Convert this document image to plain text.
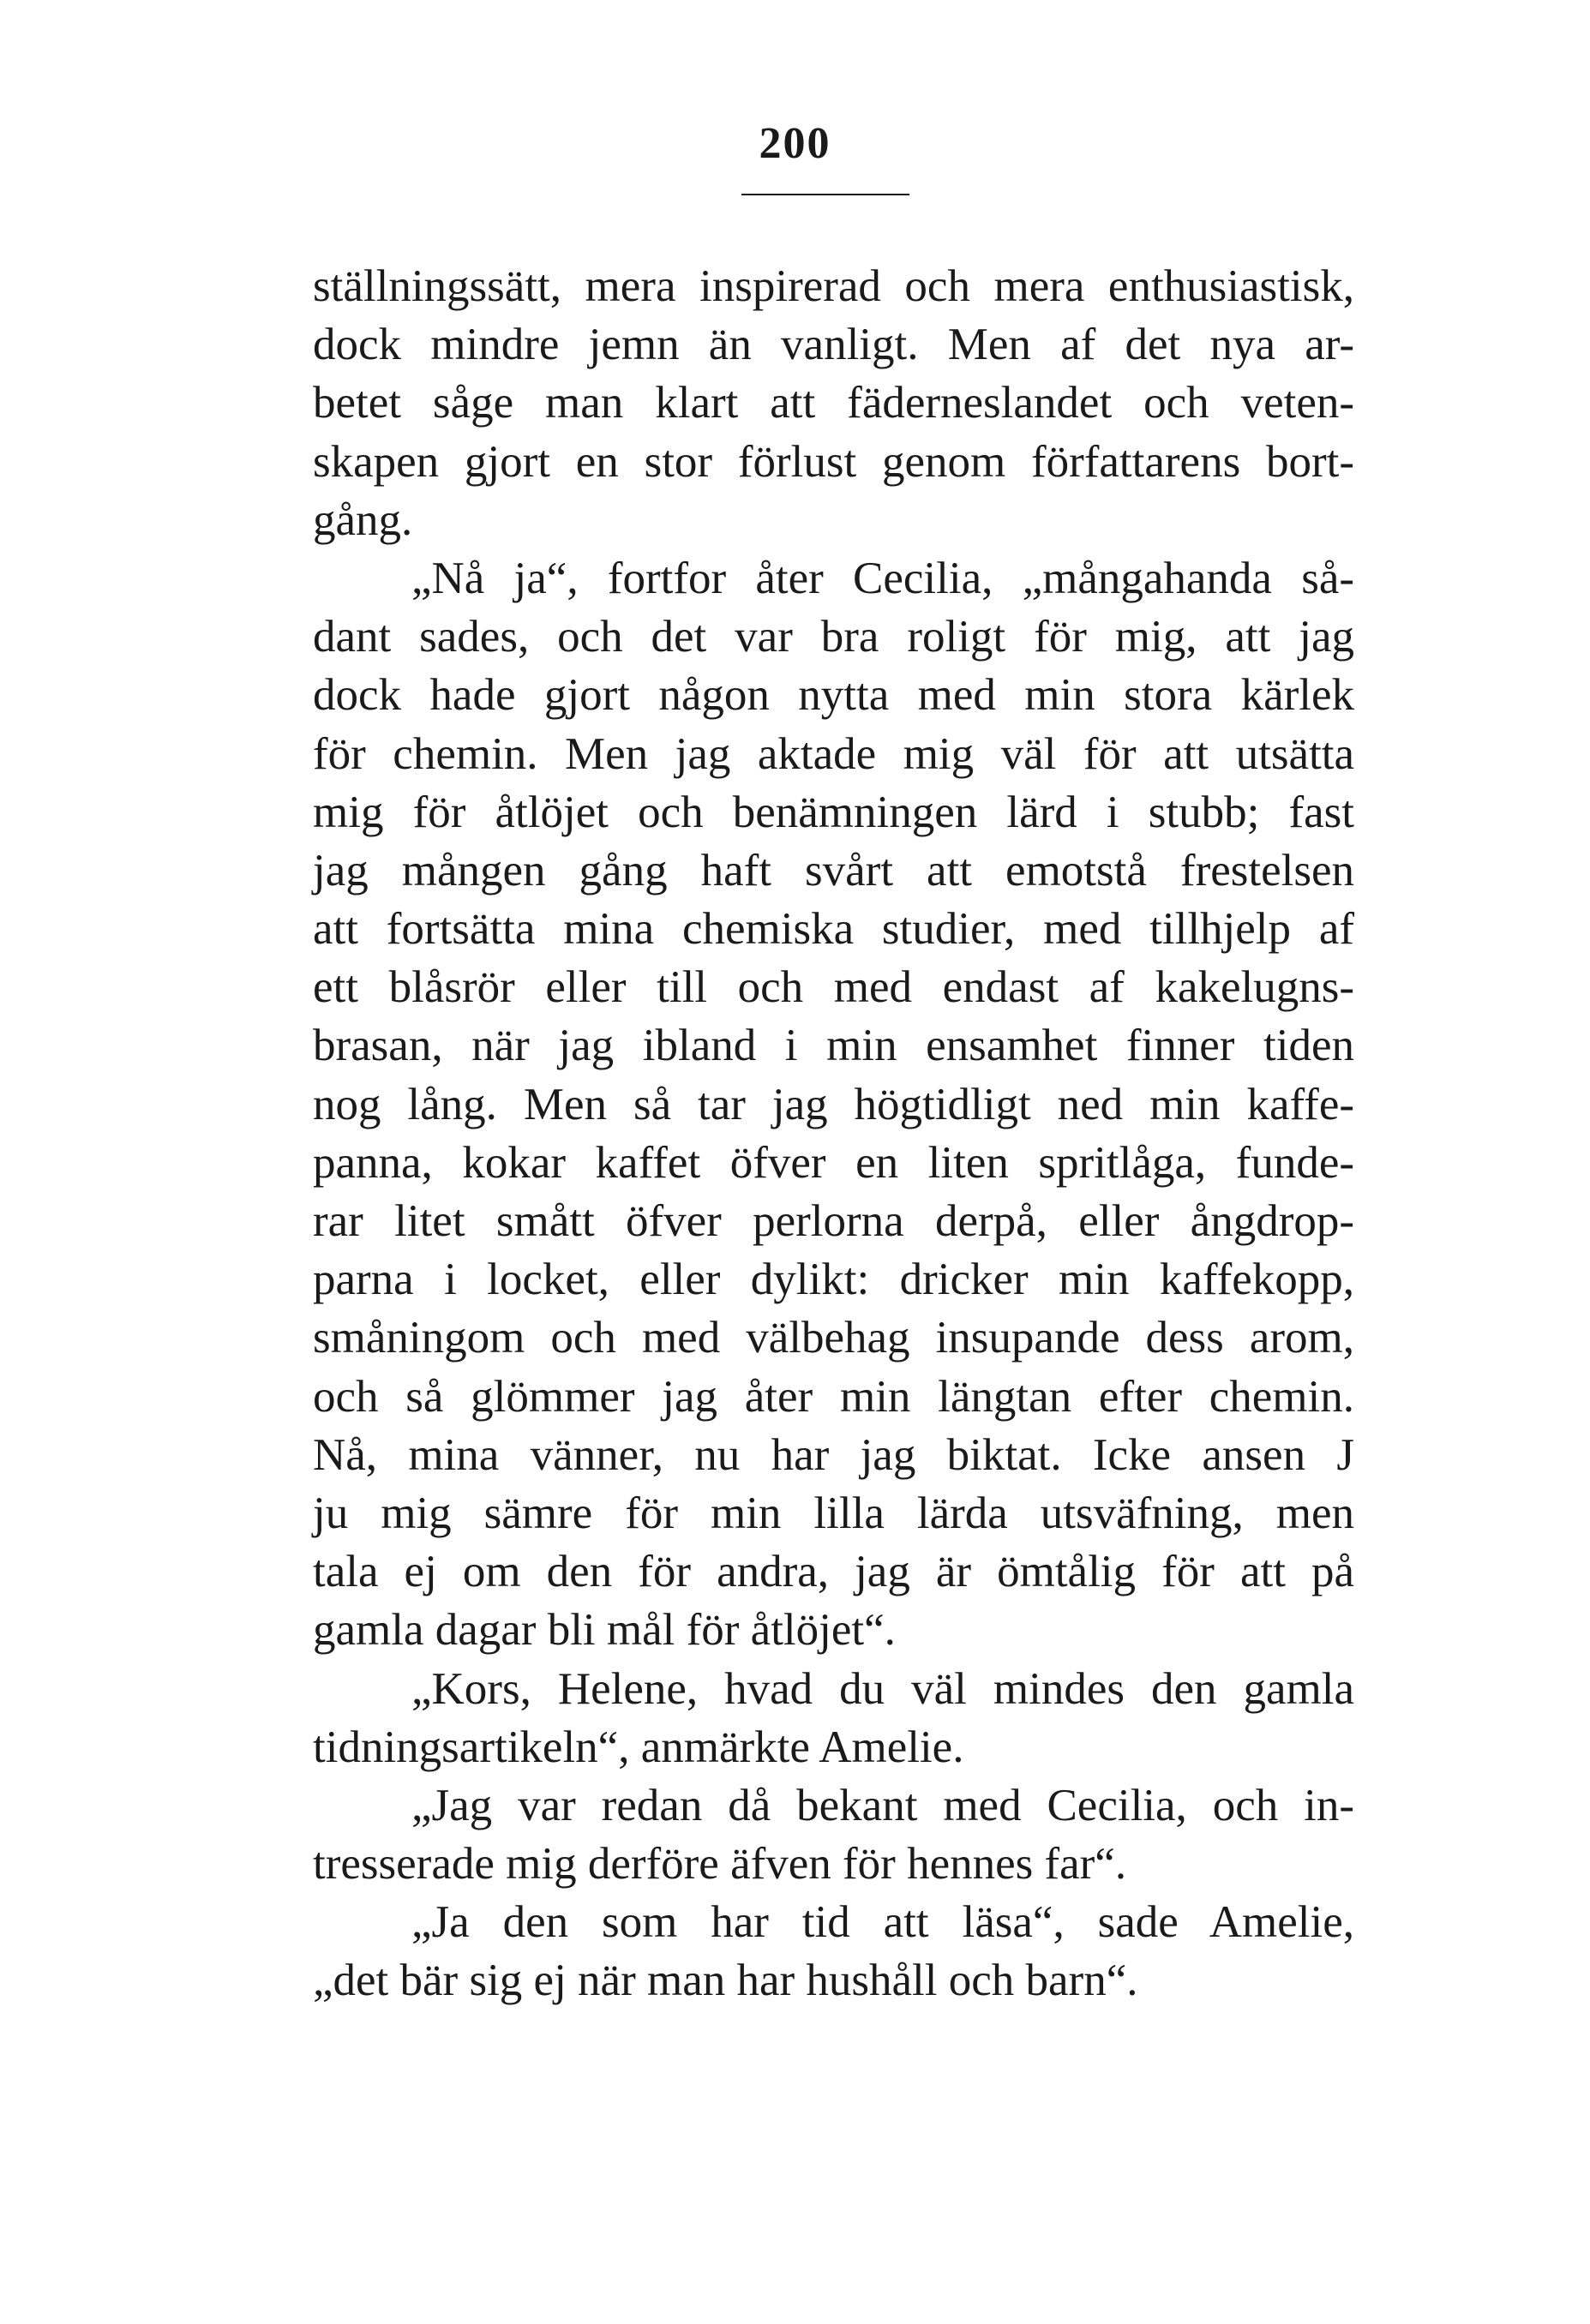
200
ställningssätt, mera inspirerad och mera enthusiastisk,
dock mindre jemn än vanligt. Men af det nya ar-
betet såge man klart att fäderneslandet och veten-
skapen gjort en stor förlust genom författarens bort-
gång.
„Nå ja“, fortfor åter Cecilia, „mångahanda så-
dant sades, och det var bra roligt för mig, att jag
dock hade gjort någon nytta med min stora kärlek
för chemin. Men jag aktade mig väl för att utsätta
mig för åtlöjet och benämningen lärd i stubb; fast
jag mången gång haft svårt att emotstå frestelsen
att fortsätta mina chemiska studier, med tillhjelp af
ett blåsrör eller till och med endast af kakelugns-
brasan, när jag ibland i min ensamhet finner tiden
nog lång. Men så tar jag högtidligt ned min kaffe-
panna, kokar kaffet öfver en liten spritlåga, funde-
rar litet smått öfver perlorna derpå, eller ångdrop-
parna i locket, eller dylikt: dricker min kaffekopp,
småningom och med välbehag insupande dess arom,
och så glömmer jag åter min längtan efter chemin.
Nå, mina vänner, nu har jag biktat. Icke ansen J
ju mig sämre för min lilla lärda utsväfning, men
tala ej om den för andra, jag är ömtålig för att på
gamla dagar bli mål för åtlöjet“.
„Kors, Helene, hvad du väl mindes den gamla
tidningsartikeln“, anmärkte Amelie.
„Jag var redan då bekant med Cecilia, och in-
tresserade mig derföre äfven för hennes far“.
„Ja den som har tid att läsa“, sade Amelie,
„det bär sig ej när man har hushåll och barn“.
